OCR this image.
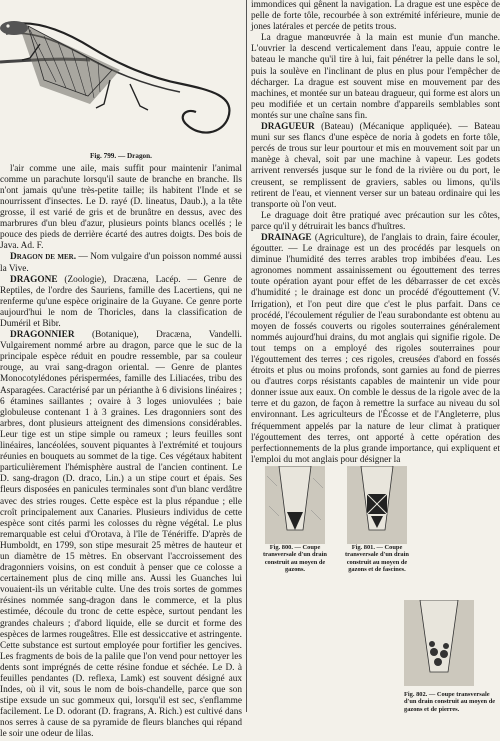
Fig. 799. — Dragon.

l'air comme une aile, mais suffit pour maintenir l'animal comme un parachute lorsqu'il saute de branche en branche. Ils n'ont jamais qu'une très-petite taille; ils habitent l'Inde et se nourrissent d'insectes. Le D. rayé (D. lineatus, Daub.), a la tête grosse, il est varié de gris et de brunâtre en dessus, avec des marbrures d'un bleu d'azur, plusieurs points blancs ocellés ; le pouce des pieds de derrière écarté des autres doigts. Des bois de Java. Ad. F.

Dragon de mer. — Nom vulgaire d'un poisson nommé aussi la Vive.

DRAGONE (Zoologie), Dracæna, Lacép. — Genre de Reptiles, de l'ordre des Sauriens, famille des Lacertiens, qui ne renferme qu'une espèce originaire de la Guyane. Ce genre porte aujourd'hui le nom de Thoricles, dans la classification de Duméril et Bibr.

DRAGONNIER (Botanique), Dracæna, Vandelli. Vulgairement nommé arbre au dragon, parce que le suc de la principale espèce réduit en poudre ressemble, par sa couleur rouge, au vrai sang-dragon oriental. — Genre de plantes Monocotylédones périspermées, famille des Liliacées, tribu des Asparagées. Caractérisé par un périanthe à 6 divisions linéaires ; 6 étamines saillantes ; ovaire à 3 loges uniovulées ; baie globuleuse contenant 1 à 3 graines. Les dragonniers sont des arbres, dont plusieurs atteignent des dimensions considérables. Leur tige est un stipe simple ou rameux ; leurs feuilles sont linéaires, lancéolées, souvent piquantes à l'extrémité et toujours réunies en bouquets au sommet de la tige. Ces végétaux habitent particulièrement l'hémisphère austral de l'ancien continent. Le D. sang-dragon (D. draco, Lin.) a un stipe court et épais. Ses fleurs disposées en panicules terminales sont d'un blanc verdâtre avec des stries rouges. Cette espèce est la plus répandue ; elle croît principalement aux Canaries. Plusieurs individus de cette espèce sont cités parmi les colosses du règne végétal. Le plus remarquable est celui d'Orotava, à l'île de Ténériffe. D'après de Humboldt, en 1799, son stipe mesurait 25 mètres de hauteur et un diamètre de 15 mètres. En observant l'accroissement des dragonniers voisins, on est conduit à penser que ce colosse a certainement plus de cinq mille ans. Aussi les Guanches lui vouaient-ils un véritable culte. Une des trois sortes de gommes résines nommée sang-dragon dans le commerce, et la plus estimée, découle du tronc de cette espèce, surtout pendant les grandes chaleurs ; d'abord liquide, elle se durcit et forme des espèces de larmes rougeâtres. Elle est dessiccative et astringente. Cette substance est surtout employée pour fortifier les gencives. Les fragments de bois de la palile que l'on vend pour nettoyer les dents sont imprégnés de cette résine fondue et séchée. Le D. à feuilles pendantes (D. reflexa, Lamk) est souvent désigné aux Indes, où il vit, sous le nom de bois-chandelle, parce que son stipe exsude un suc gommeux qui, lorsqu'il est sec, s'enflamme facilement. Le D. odorant (D. fragrans, A. Rich.) est cultivé dans nos serres à cause de sa pyramide de fleurs blanches qui répand le soir une odeur de lilas.

immondices qui gênent la navigation. La drague est une espèce de pelle de forte tôle, recourbée à son extrémité inférieure, munie de jones latérales et percée de petits trous.

La drague manœuvrée à la main est munie d'un manche. L'ouvrier la descend verticalement dans l'eau, appuie contre le bateau le manche qu'il tire à lui, fait pénétrer la pelle dans le sol, puis la soulève en l'inclinant de plus en plus pour l'empêcher de décharger. La drague est souvent mise en mouvement par des machines, et montée sur un bateau dragueur, qui forme est alors un peu modifiée et un certain nombre d'appareils semblables sont montés sur une chaîne sans fin.

DRAGUEUR (Bateau) (Mécanique appliquée). — Bateau muni sur ses flancs d'une espèce de noria à godets en forte tôle, percés de trous sur leur pourtour et mis en mouvement soit par un manège à cheval, soit par une machine à vapeur. Les godets arrivent renversés jusque sur le fond de la rivière ou du port, le creusent, se remplissent de graviers, sables ou limons, qu'ils retirent de l'eau, et viennent verser sur un bateau ordinaire qui les transporte où l'on veut.

Le draguage doit être pratiqué avec précaution sur les côtes, parce qu'il y détruirait les bancs d'huîtres.

DRAINAGE (Agriculture), de l'anglais to drain, faire écouler, égoutter. — Le drainage est un des procédés par lesquels on diminue l'humidité des terres arables trop imbibées d'eau. Les agronomes nomment assainissement ou égouttement des terres toute opération ayant pour effet de les débarrasser de cet excès d'humidité ; le drainage est donc un procédé d'égouttement (V. Irrigation), et l'on peut dire que c'est le plus parfait. Dans ce procédé, l'écoulement régulier de l'eau surabondante est obtenu au moyen de fossés couverts ou rigoles souterraines généralement nommés aujourd'hui drains, du mot anglais qui signifie rigole. De tout temps on a employé des rigoles souterraines pour l'égouttement des terres ; ces rigoles, creusées d'abord en fossés étroits et plus ou moins profonds, sont garnies au fond de pierres ou d'autres corps résistants capables de maintenir un vide pour donner issue aux eaux. On comble le dessus de la rigole avec de la terre et du gazon, de façon à remettre la surface au niveau du sol environnant. Les agriculteurs de l'Écosse et de l'Angleterre, plus fréquemment appelés par la nature de leur climat à pratiquer l'égouttement des terres, ont apporté à cette opération des perfectionnements de la plus grande importance, qui expliquent et l'emploi du mot anglais pour désigner la

Fig. 800. — Coupe transversale d'un drain construit au moyen de gazons.
Fig. 801. — Coupe transversale d'un drain construit au moyen de gazons et de fascines.
Fig. 802. — Coupe transversale d'un drain construit au moyen de gazons et de pierres.
